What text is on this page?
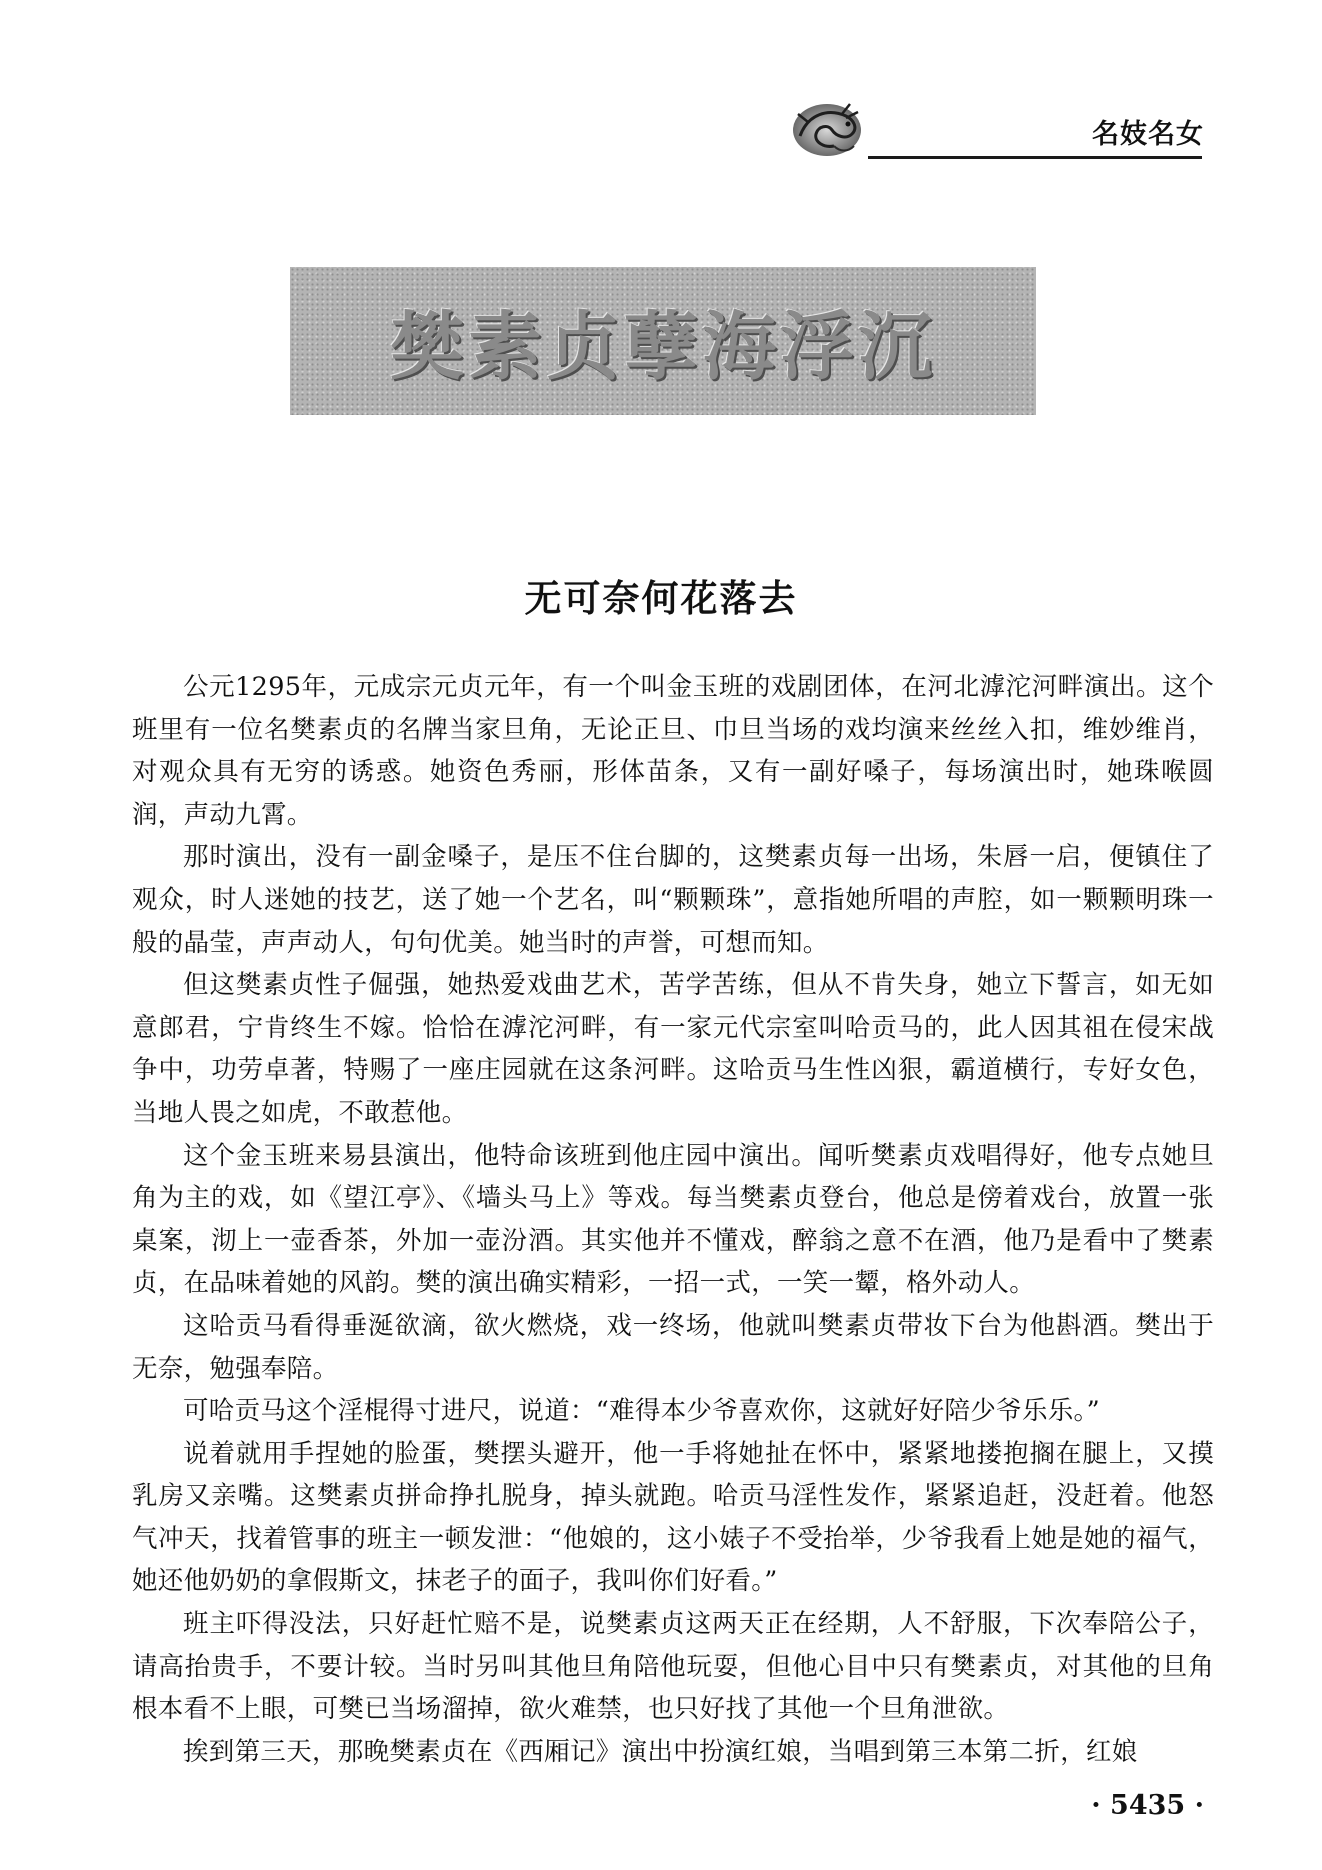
名妓名女
樊素贞孽海浮沉
无可奈何花落去

公元1295年，元成宗元贞元年，有一个叫金玉班的戏剧团体，在河北滹沱河畔演出。这个班里有一位名樊素贞的名牌当家旦角，无论正旦、巾旦当场的戏均演来丝丝入扣，维妙维肖，对观众具有无穷的诱惑。她资色秀丽，形体苗条，又有一副好嗓子，每场演出时，她珠喉圆润，声动九霄。

那时演出，没有一副金嗓子，是压不住台脚的，这樊素贞每一出场，朱唇一启，便镇住了观众，时人迷她的技艺，送了她一个艺名，叫“颗颗珠”，意指她所唱的声腔，如一颗颗明珠一般的晶莹，声声动人，句句优美。她当时的声誉，可想而知。

但这樊素贞性子倔强，她热爱戏曲艺术，苦学苦练，但从不肯失身，她立下誓言，如无如意郎君，宁肯终生不嫁。恰恰在滹沱河畔，有一家元代宗室叫哈贡马的，此人因其祖在侵宋战争中，功劳卓著，特赐了一座庄园就在这条河畔。这哈贡马生性凶狠，霸道横行，专好女色，当地人畏之如虎，不敢惹他。

这个金玉班来易县演出，他特命该班到他庄园中演出。闻听樊素贞戏唱得好，他专点她旦角为主的戏，如《望江亭》、《墙头马上》等戏。每当樊素贞登台，他总是傍着戏台，放置一张桌案，沏上一壶香茶，外加一壶汾酒。其实他并不懂戏，醉翁之意不在酒，他乃是看中了樊素贞，在品味着她的风韵。樊的演出确实精彩，一招一式，一笑一颦，格外动人。

这哈贡马看得垂涎欲滴，欲火燃烧，戏一终场，他就叫樊素贞带妆下台为他斟酒。樊出于无奈，勉强奉陪。

可哈贡马这个淫棍得寸进尺，说道：“难得本少爷喜欢你，这就好好陪少爷乐乐。”

说着就用手捏她的脸蛋，樊摆头避开，他一手将她扯在怀中，紧紧地搂抱搁在腿上，又摸乳房又亲嘴。这樊素贞拼命挣扎脱身，掉头就跑。哈贡马淫性发作，紧紧追赶，没赶着。他怒气冲天，找着管事的班主一顿发泄：“他娘的，这小婊子不受抬举，少爷我看上她是她的福气，她还他奶奶的拿假斯文，抹老子的面子，我叫你们好看。”

班主吓得没法，只好赶忙赔不是，说樊素贞这两天正在经期，人不舒服，下次奉陪公子，请高抬贵手，不要计较。当时另叫其他旦角陪他玩耍，但他心目中只有樊素贞，对其他的旦角根本看不上眼，可樊已当场溜掉，欲火难禁，也只好找了其他一个旦角泄欲。

挨到第三天，那晚樊素贞在《西厢记》演出中扮演红娘，当唱到第三本第二折，红娘

· 5435 ·
